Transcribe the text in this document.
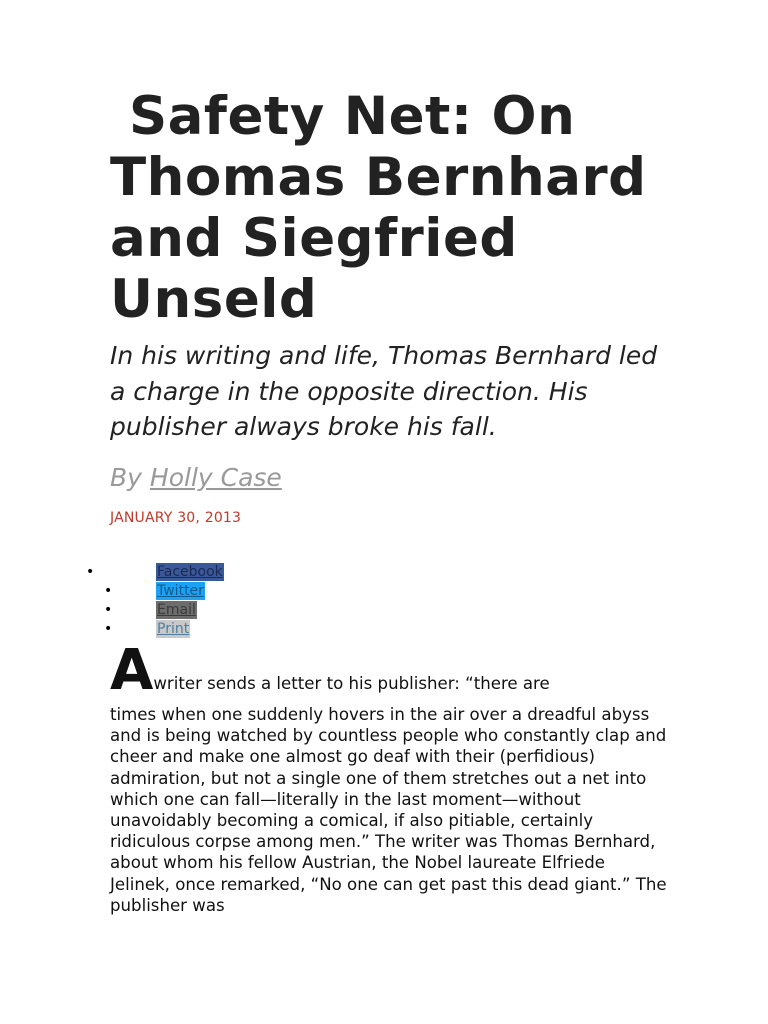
Safety Net: On Thomas Bernhard and Siegfried Unseld

In his writing and life, Thomas Bernhard led a charge in the opposite direction. His publisher always broke his fall.

By Holly Case
JANUARY 30, 2013
•	Facebook
•	Twitter
•	Email
•	Print
Awriter sends a letter to his publisher: “there are
times when one suddenly hovers in the air over a dreadful abyss and is being watched by countless people who constantly clap and cheer and make one almost go deaf with their (perfidious) admiration, but not a single one of them stretches out a net into which one can fall—literally in the last moment—without unavoidably becoming a comical, if also pitiable, certainly ridiculous corpse among men.” The writer was Thomas Bernhard, about whom his fellow Austrian, the Nobel laureate Elfriede Jelinek, once remarked, “No one can get past this dead giant.” The publisher was
